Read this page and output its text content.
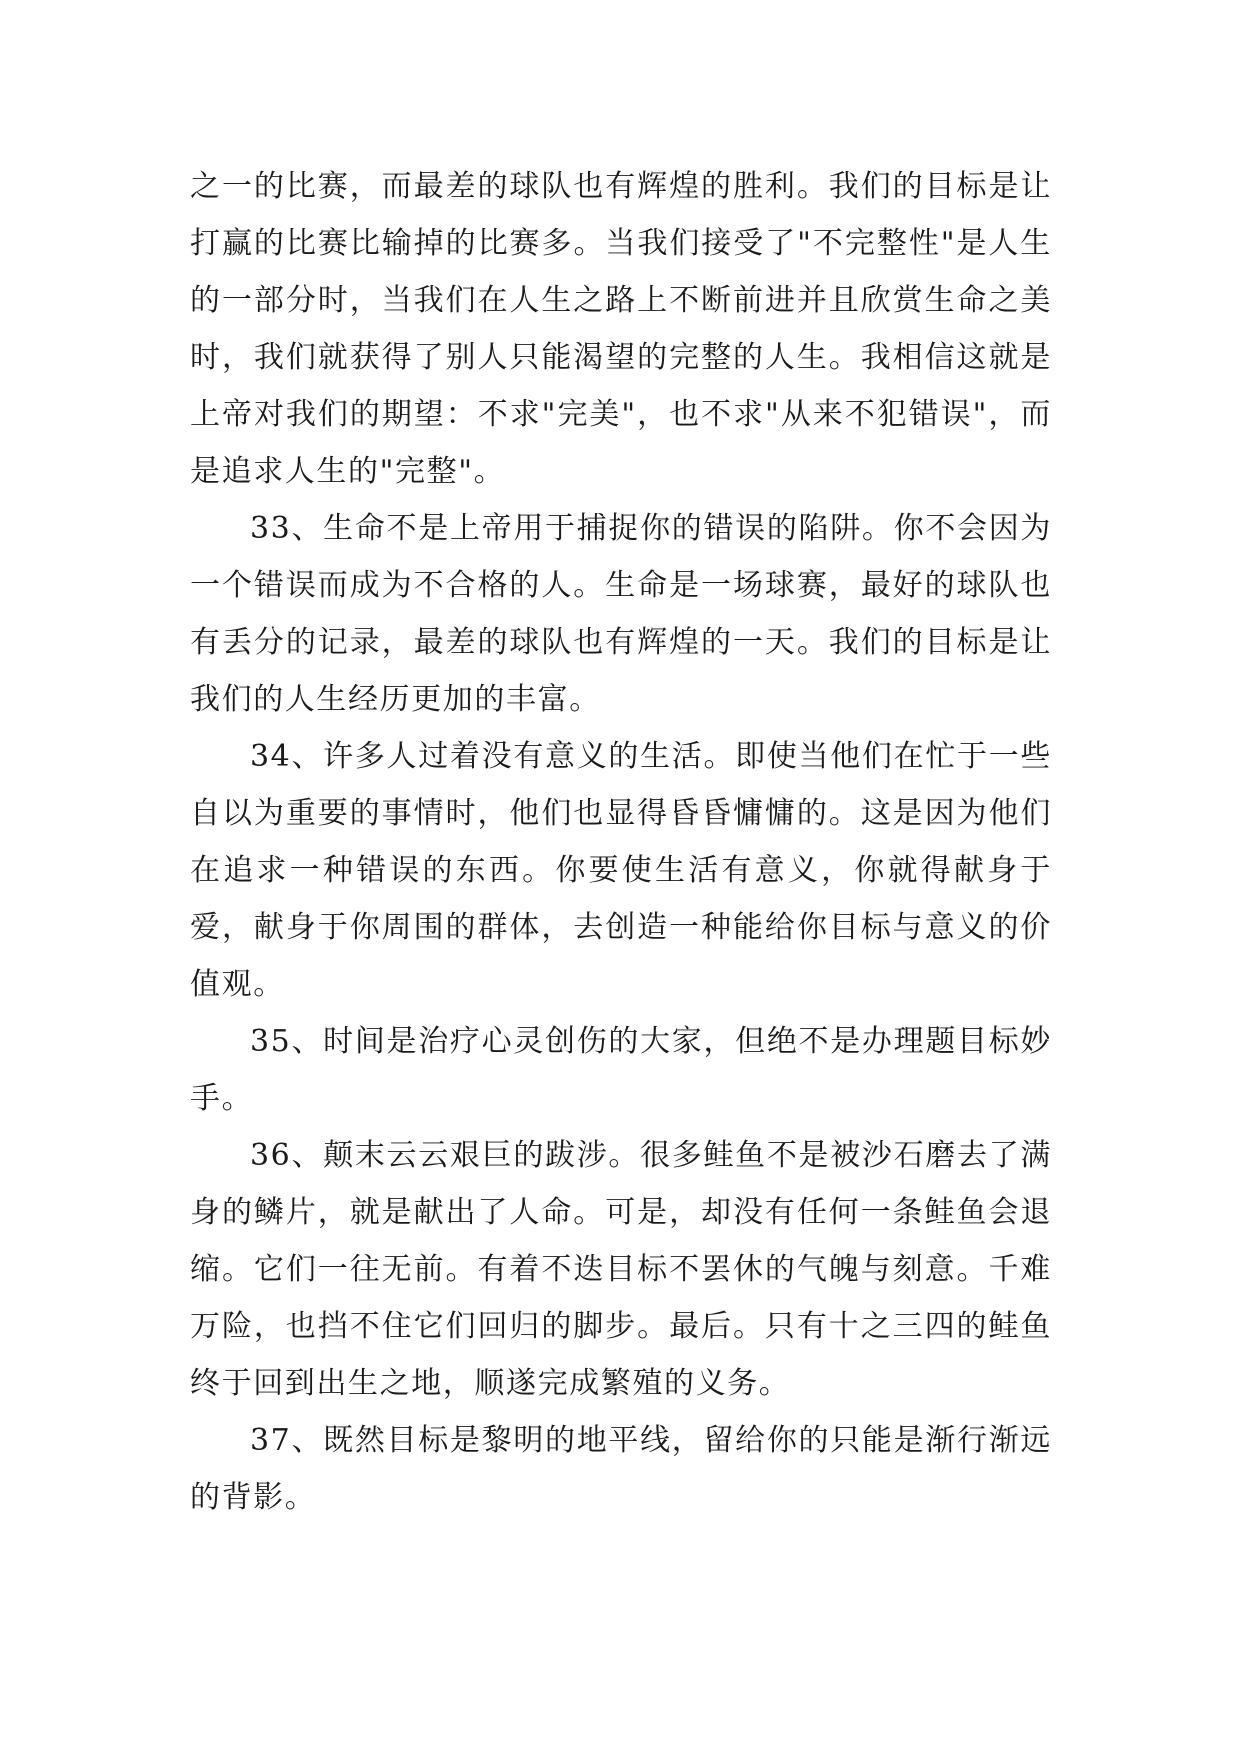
之一的比赛，而最差的球队也有辉煌的胜利。我们的目标是让打赢的比赛比输掉的比赛多。当我们接受了"不完整性"是人生的一部分时，当我们在人生之路上不断前进并且欣赏生命之美时，我们就获得了别人只能渴望的完整的人生。我相信这就是上帝对我们的期望：不求"完美"，也不求"从来不犯错误"，而是追求人生的"完整"。

33、生命不是上帝用于捕捉你的错误的陷阱。你不会因为一个错误而成为不合格的人。生命是一场球赛，最好的球队也有丢分的记录，最差的球队也有辉煌的一天。我们的目标是让我们的人生经历更加的丰富。

34、许多人过着没有意义的生活。即使当他们在忙于一些自以为重要的事情时，他们也显得昏昏慵慵的。这是因为他们在追求一种错误的东西。你要使生活有意义，你就得献身于爱，献身于你周围的群体，去创造一种能给你目标与意义的价值观。

35、时间是治疗心灵创伤的大家，但绝不是办理题目标妙手。

36、颠末云云艰巨的跋涉。很多鲑鱼不是被沙石磨去了满身的鳞片，就是献出了人命。可是，却没有任何一条鲑鱼会退缩。它们一往无前。有着不迭目标不罢休的气魄与刻意。千难万险，也挡不住它们回归的脚步。最后。只有十之三四的鲑鱼终于回到出生之地，顺遂完成繁殖的义务。

37、既然目标是黎明的地平线，留给你的只能是渐行渐远的背影。
